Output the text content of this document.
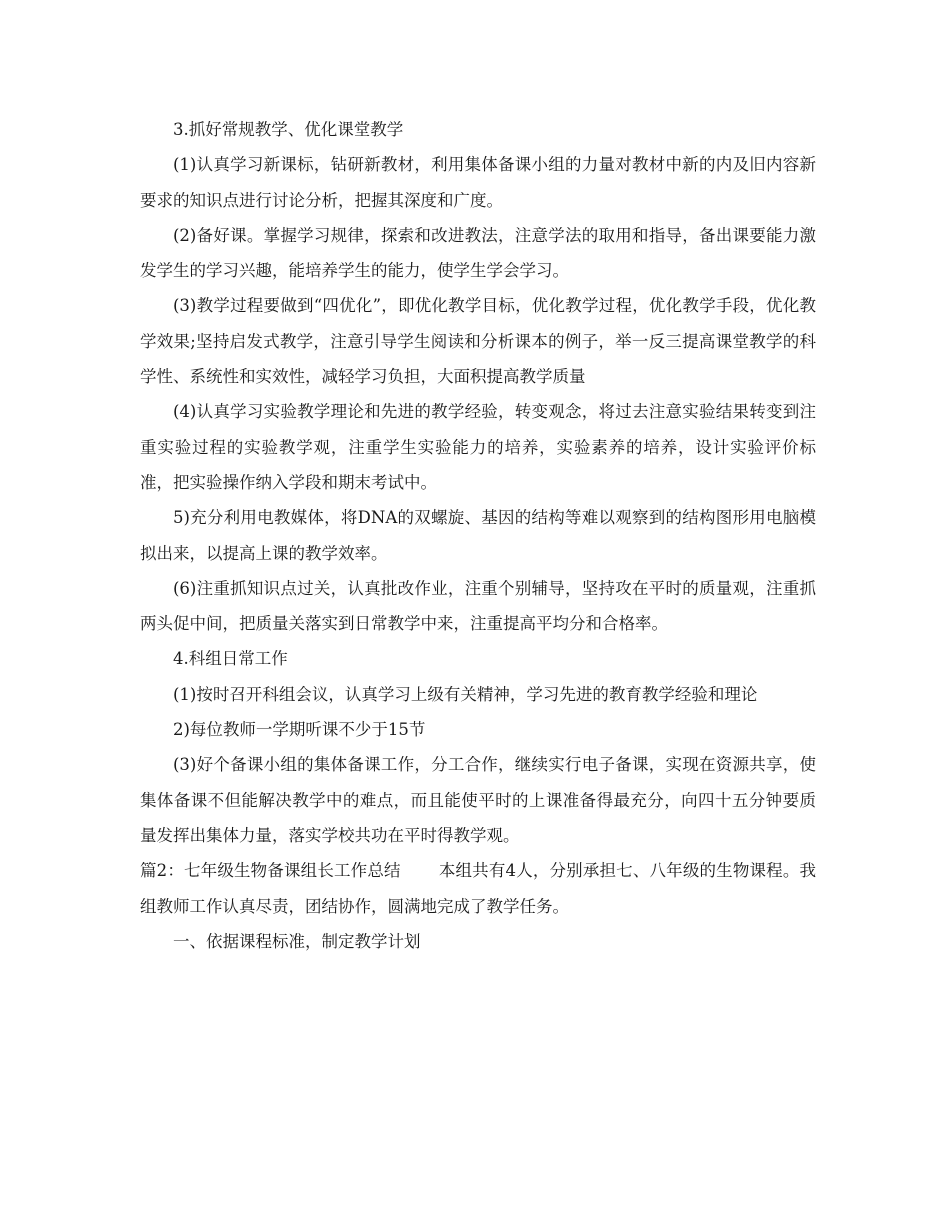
3.抓好常规教学、优化课堂教学

(1)认真学习新课标，钻研新教材，利用集体备课小组的力量对教材中新的内及旧内容新要求的知识点进行讨论分析，把握其深度和广度。

(2)备好课。掌握学习规律，探索和改进教法，注意学法的取用和指导，备出课要能力激发学生的学习兴趣，能培养学生的能力，使学生学会学习。

(3)教学过程要做到“四优化”，即优化教学目标，优化教学过程，优化教学手段，优化教学效果;坚持启发式教学，注意引导学生阅读和分析课本的例子，举一反三提高课堂教学的科学性、系统性和实效性，减轻学习负担，大面积提高教学质量

(4)认真学习实验教学理论和先进的教学经验，转变观念，将过去注意实验结果转变到注重实验过程的实验教学观，注重学生实验能力的培养，实验素养的培养，设计实验评价标准，把实验操作纳入学段和期末考试中。

5)充分利用电教媒体，将DNA的双螺旋、基因的结构等难以观察到的结构图形用电脑模拟出来，以提高上课的教学效率。

(6)注重抓知识点过关，认真批改作业，注重个别辅导，坚持攻在平时的质量观，注重抓两头促中间，把质量关落实到日常教学中来，注重提高平均分和合格率。

4.科组日常工作

(1)按时召开科组会议，认真学习上级有关精神，学习先进的教育教学经验和理论

2)每位教师一学期听课不少于15节

(3)好个备课小组的集体备课工作，分工合作，继续实行电子备课，实现在资源共享，使集体备课不但能解决教学中的难点，而且能使平时的上课准备得最充分，向四十五分钟要质量发挥出集体力量，落实学校共功在平时得教学观。

篇2：七年级生物备课组长工作总结 本组共有4人，分别承担七、八年级的生物课程。我组教师工作认真尽责，团结协作，圆满地完成了教学任务。

一、依据课程标准，制定教学计划
